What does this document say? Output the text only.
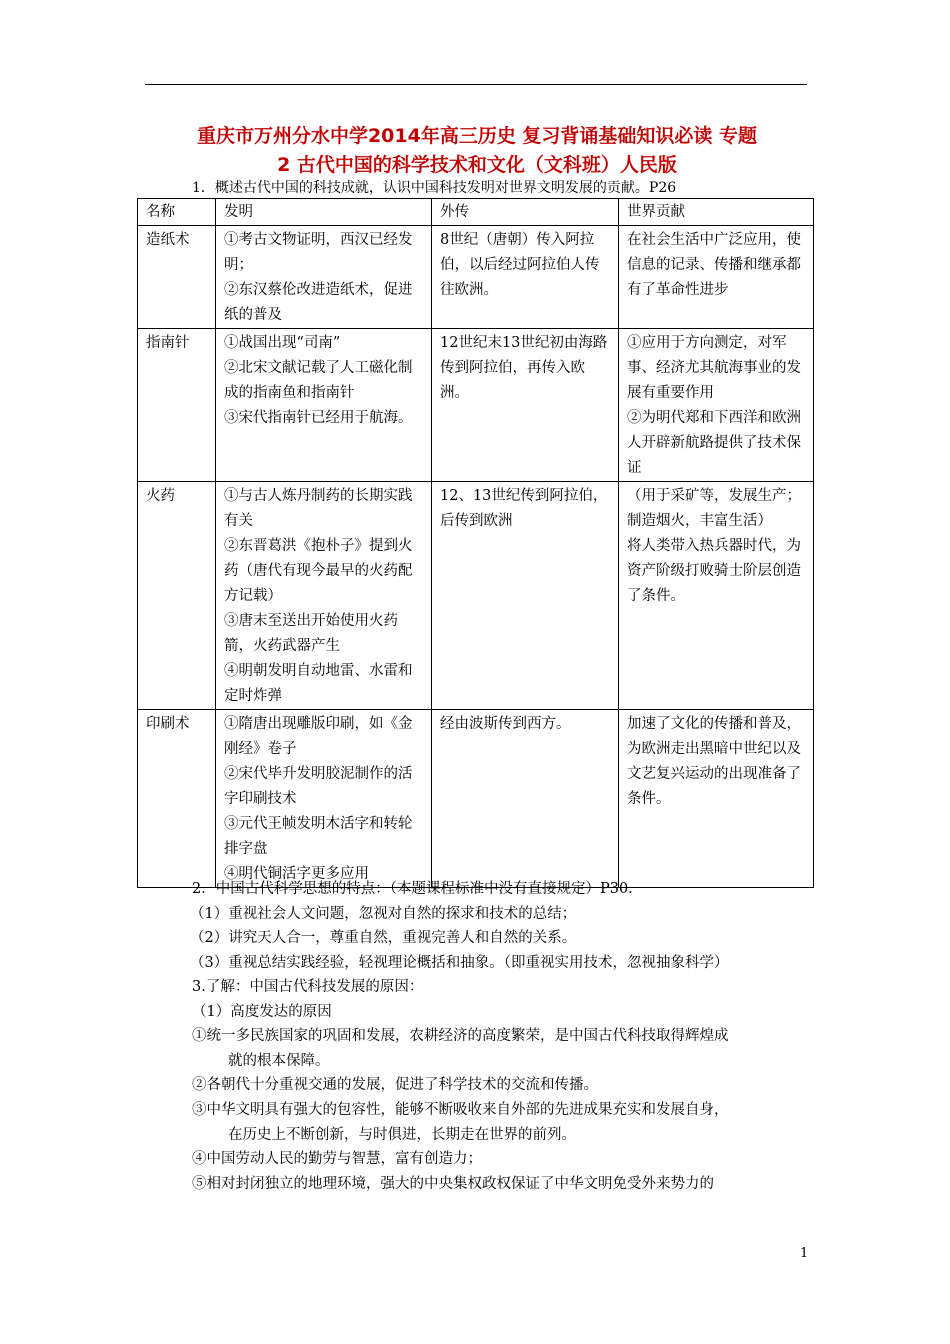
重庆市万州分水中学2014年高三历史 复习背诵基础知识必读 专题
2 古代中国的科学技术和文化（文科班）人民版
1．概述古代中国的科技成就，认识中国科技发明对世界文明发展的贡献。P26
名称	发明	外传	世界贡献
造纸术	①考古文物证明，西汉已经发明；
②东汉蔡伦改进造纸术，促进纸的普及	8世纪（唐朝）传入阿拉伯，以后经过阿拉伯人传往欧洲。	在社会生活中广泛应用，使信息的记录、传播和继承都有了革命性进步

指南针	①战国出现“司南”
②北宋文献记载了人工磁化制成的指南鱼和指南针
③宋代指南针已经用于航海。	12世纪末13世纪初由海路传到阿拉伯，再传入欧洲。	①应用于方向测定，对军事、经济尤其航海事业的发展有重要作用
②为明代郑和下西洋和欧洲人开辟新航路提供了技术保证

火药	①与古人炼丹制药的长期实践有关
②东晋葛洪《抱朴子》提到火药（唐代有现今最早的火药配方记载）
③唐末至送出开始使用火药箭，火药武器产生
④明朝发明自动地雷、水雷和定时炸弹	12、13世纪传到阿拉伯，后传到欧洲	（用于采矿等，发展生产；制造烟火，丰富生活）
将人类带入热兵器时代，为资产阶级打败骑士阶层创造了条件。

印刷术	①隋唐出现雕版印刷，如《金刚经》卷子
②宋代毕升发明胶泥制作的活字印刷技术
③元代王帧发明木活字和转轮排字盘
④明代铜活字更多应用	经由波斯传到西方。	加速了文化的传播和普及，
为欧洲走出黑暗中世纪以及文艺复兴运动的出现准备了条件。
2．中国古代科学思想的特点：（本题课程标准中没有直接规定）P30.
（1）重视社会人文问题，忽视对自然的探求和技术的总结；
（2）讲究天人合一，尊重自然，重视完善人和自然的关系。
（3）重视总结实践经验，轻视理论概括和抽象。（即重视实用技术，忽视抽象科学）
3.了解：中国古代科技发展的原因：
（1）高度发达的原因
①统一多民族国家的巩固和发展，农耕经济的高度繁荣，是中国古代科技取得辉煌成
就的根本保障。
②各朝代十分重视交通的发展，促进了科学技术的交流和传播。
③中华文明具有强大的包容性，能够不断吸收来自外部的先进成果充实和发展自身，
在历史上不断创新，与时俱进，长期走在世界的前列。
④中国劳动人民的勤劳与智慧，富有创造力；
⑤相对封闭独立的地理环境，强大的中央集权政权保证了中华文明免受外来势力的
1
